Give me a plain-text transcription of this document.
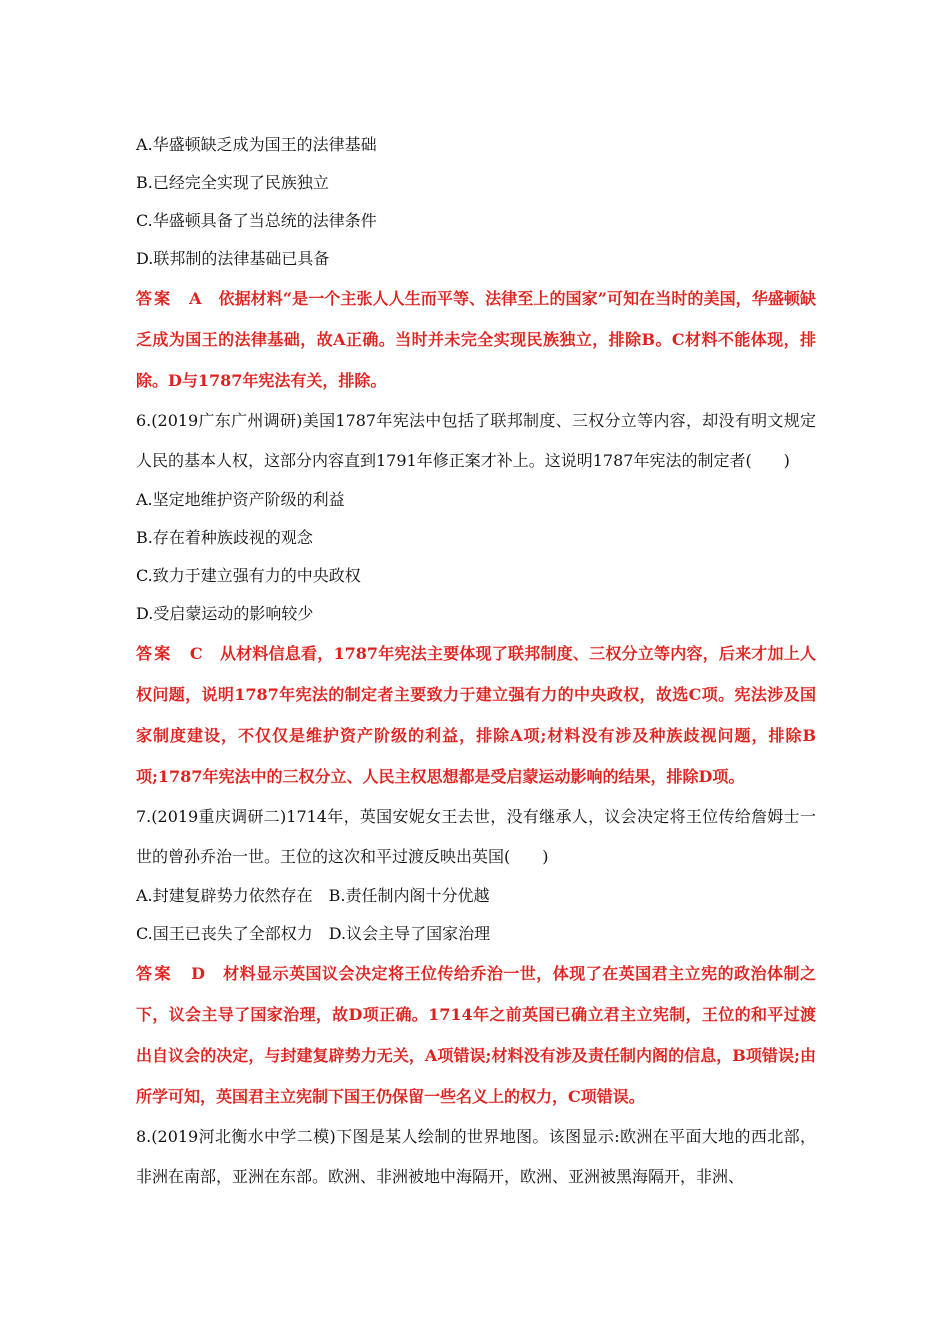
A.华盛顿缺乏成为国王的法律基础
B.已经完全实现了民族独立
C.华盛顿具备了当总统的法律条件
D.联邦制的法律基础已具备
答案 A 依据材料“是一个主张人人生而平等、法律至上的国家”可知在当时的美国，华盛顿缺乏成为国王的法律基础，故A正确。当时并未完全实现民族独立，排除B。C材料不能体现，排除。D与1787年宪法有关，排除。
6.(2019广东广州调研)美国1787年宪法中包括了联邦制度、三权分立等内容，却没有明文规定人民的基本人权，这部分内容直到1791年修正案才补上。这说明1787年宪法的制定者(　　)
A.坚定地维护资产阶级的利益
B.存在着种族歧视的观念
C.致力于建立强有力的中央政权
D.受启蒙运动的影响较少
答案 C 从材料信息看，1787年宪法主要体现了联邦制度、三权分立等内容，后来才加上人权问题，说明1787年宪法的制定者主要致力于建立强有力的中央政权，故选C项。宪法涉及国家制度建设，不仅仅是维护资产阶级的利益，排除A项;材料没有涉及种族歧视问题，排除B项;1787年宪法中的三权分立、人民主权思想都是受启蒙运动影响的结果，排除D项。
7.(2019重庆调研二)1714年，英国安妮女王去世，没有继承人，议会决定将王位传给詹姆士一世的曾孙乔治一世。王位的这次和平过渡反映出英国(　　)
A.封建复辟势力依然存在　B.责任制内阁十分优越
C.国王已丧失了全部权力　D.议会主导了国家治理
答案 D 材料显示英国议会决定将王位传给乔治一世，体现了在英国君主立宪的政治体制之下，议会主导了国家治理，故D项正确。1714年之前英国已确立君主立宪制，王位的和平过渡出自议会的决定，与封建复辟势力无关，A项错误;材料没有涉及责任制内阁的信息，B项错误;由所学可知，英国君主立宪制下国王仍保留一些名义上的权力，C项错误。
8.(2019河北衡水中学二模)下图是某人绘制的世界地图。该图显示:欧洲在平面大地的西北部，非洲在南部，亚洲在东部。欧洲、非洲被地中海隔开，欧洲、亚洲被黑海隔开，非洲、
